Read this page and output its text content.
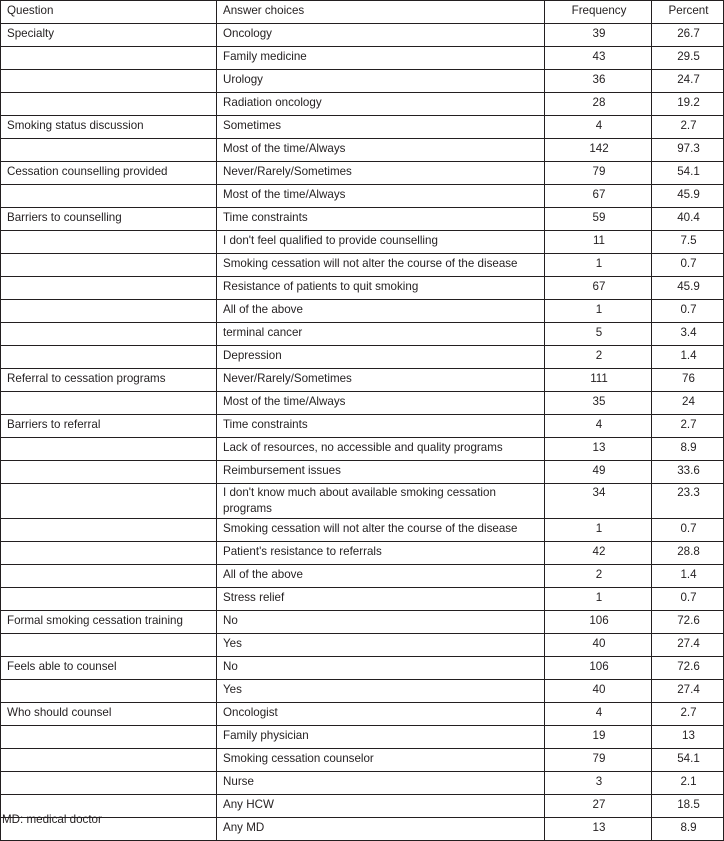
Question	Answer choices	Frequency	Percent
Specialty	Oncology	39	26.7
	Family medicine	43	29.5
	Urology	36	24.7
	Radiation oncology	28	19.2
Smoking status discussion	Sometimes	4	2.7
	Most of the time/Always	142	97.3
Cessation counselling provided	Never/Rarely/Sometimes	79	54.1
	Most of the time/Always	67	45.9
Barriers to counselling	Time constraints	59	40.4
	I don't feel qualified to provide counselling	11	7.5
	Smoking cessation will not alter the course of the disease	1	0.7
	Resistance of patients to quit smoking	67	45.9
	All of the above	1	0.7
	terminal cancer	5	3.4
	Depression	2	1.4
Referral to cessation programs	Never/Rarely/Sometimes	111	76
	Most of the time/Always	35	24
Barriers to referral	Time constraints	4	2.7
	Lack of resources, no accessible and quality programs	13	8.9
	Reimbursement issues	49	33.6
	I don't know much about available smoking cessation programs	34	23.3
	Smoking cessation will not alter the course of the disease	1	0.7
	Patient's resistance to referrals	42	28.8
	All of the above	2	1.4
	Stress relief	1	0.7
Formal smoking cessation training	No	106	72.6
	Yes	40	27.4
Feels able to counsel	No	106	72.6
	Yes	40	27.4
Who should counsel	Oncologist	4	2.7
	Family physician	19	13
	Smoking cessation counselor	79	54.1
	Nurse	3	2.1
	Any HCW	27	18.5
	Any MD	13	8.9
MD: medical doctor
